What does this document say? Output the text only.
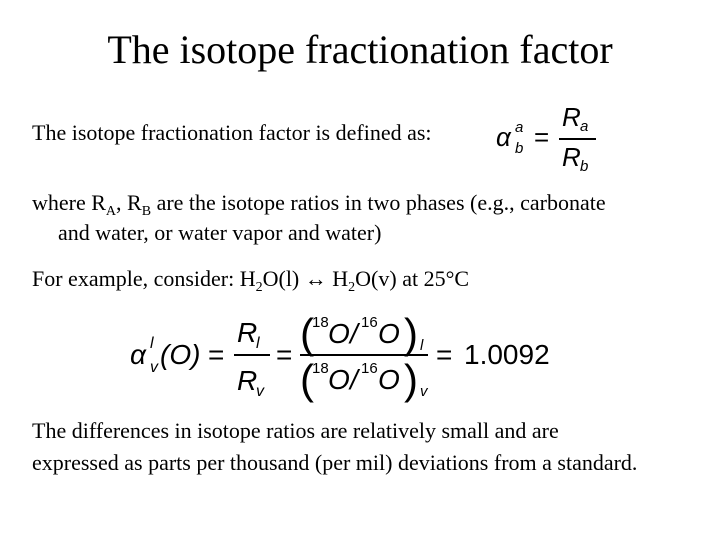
The isotope fractionation factor
The isotope fractionation factor is defined as: α a
b
R a
R b
=
where $R_A$, $R_B$ are the isotope ratios in two phases (e.g., carbonate
and water, or water vapor and water)
For example, consider: $H_2O(l)$ ↔ $H_2O(v)$ at 25°C
α l
v (O) =
R
l
R
v
= (
18 O / 16 O ) l
(
18 O / 16 O ) v
= 1.0092
The differences in isotope ratios are relatively small and are
expressed as parts per thousand (per mil) deviations from a standard.
